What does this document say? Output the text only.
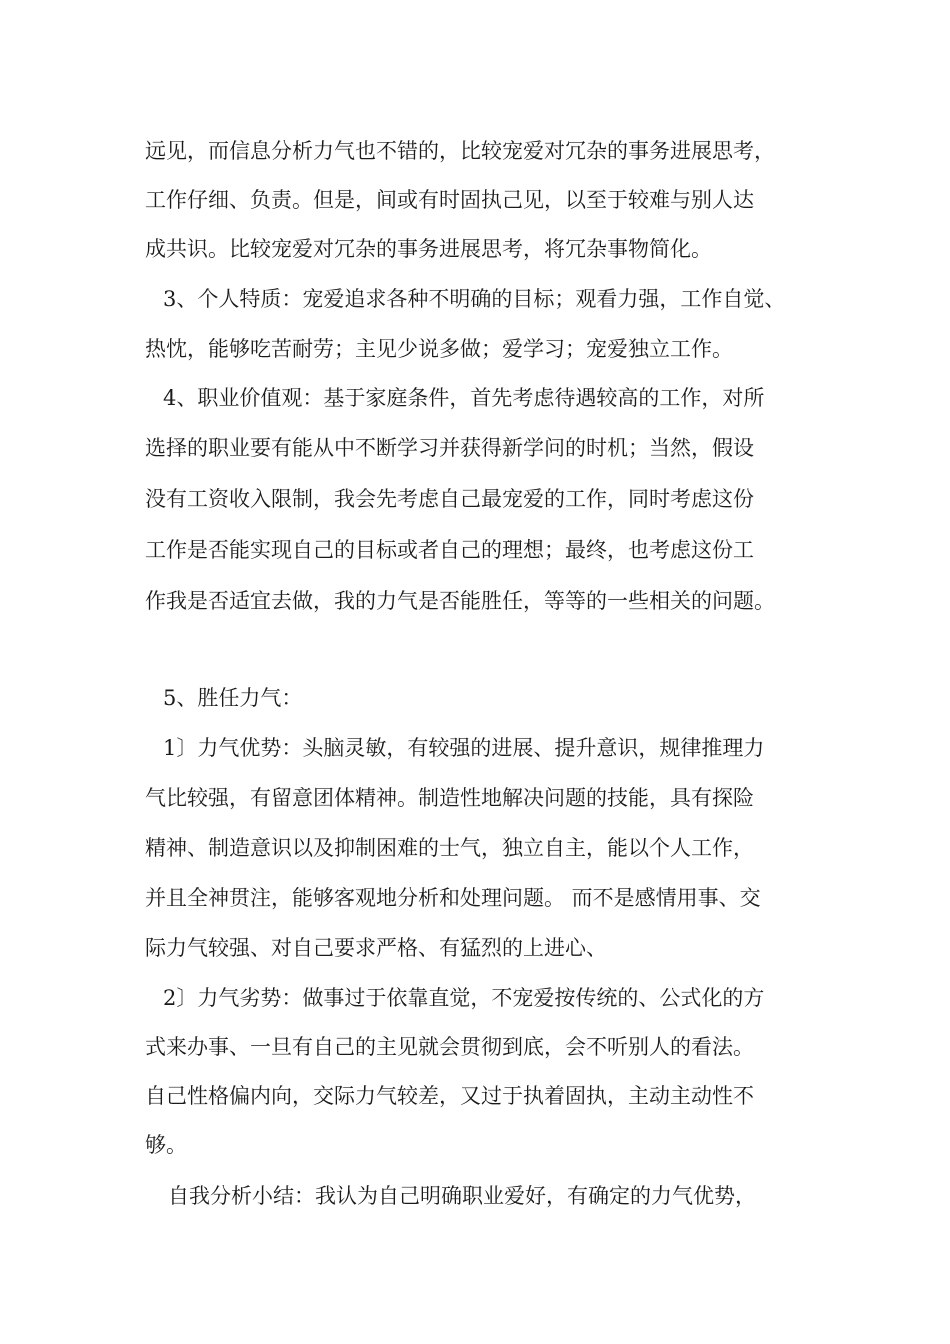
远见，而信息分析力气也不错的，比较宠爱对冗杂的事务进展思考，
工作仔细、负责。但是，间或有时固执己见，以至于较难与别人达
成共识。比较宠爱对冗杂的事务进展思考，将冗杂事物简化。
3、个人特质：宠爱追求各种不明确的目标；观看力强，工作自觉、
热忱，能够吃苦耐劳；主见少说多做；爱学习；宠爱独立工作。
4、职业价值观：基于家庭条件，首先考虑待遇较高的工作，对所
选择的职业要有能从中不断学习并获得新学问的时机；当然，假设
没有工资收入限制，我会先考虑自己最宠爱的工作，同时考虑这份
工作是否能实现自己的目标或者自己的理想；最终，也考虑这份工
作我是否适宜去做，我的力气是否能胜任，等等的一些相关的问题。
5、胜任力气：
1〕力气优势：头脑灵敏，有较强的进展、提升意识，规律推理力
气比较强，有留意团体精神。制造性地解决问题的技能，具有探险
精神、制造意识以及抑制困难的士气，独立自主，能以个人工作，
并且全神贯注，能够客观地分析和处理问题。 而不是感情用事、交
际力气较强、对自己要求严格、有猛烈的上进心、
2〕力气劣势：做事过于依靠直觉，不宠爱按传统的、公式化的方
式来办事、一旦有自己的主见就会贯彻到底，会不听别人的看法。
自己性格偏内向，交际力气较差，又过于执着固执，主动主动性不
够。
自我分析小结：我认为自己明确职业爱好，有确定的力气优势，
